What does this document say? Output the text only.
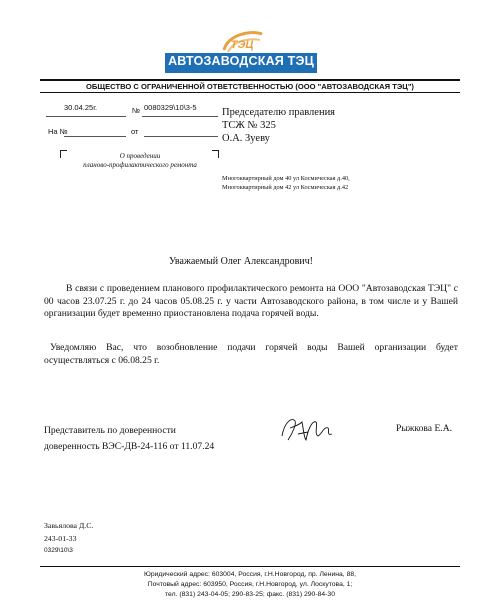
ТЭЦ
АВТОЗАВОДСКАЯ ТЭЦ
ОБЩЕСТВО С ОГРАНИЧЕННОЙ ОТВЕТСТВЕННОСТЬЮ (ООО "АВТОЗАВОДСКАЯ ТЭЦ")
30.04.25г.	№ 0080329\10\3-5
На №	от
О проведении
планово-профилактического ремонта
Председателю правления
ТСЖ № 325
О.А. Зуеву
Многоквартирный дом 40 ул Космическая д.40,
Многоквартирный дом 42 ул Космическая д.42
Уважаемый Олег Александрович!
В связи с проведением планового профилактического ремонта на ООО "Автозаводская ТЭЦ" с 00 часов 23.07.25 г. до 24 часов 05.08.25 г. у части Автозаводского района, в том числе и у Вашей организации будет временно приостановлена подача горячей воды.
Уведомляю Вас, что возобновление подачи горячей воды Вашей организации будет осуществляться с 06.08.25 г.
Представитель по доверенности
доверенность ВЭС-ДВ-24-116 от 11.07.24
Рыжкова Е.А.
Завьялова Д.С.
243-01-33
0329\10\3
Юридический адрес: 603004, Россия, г.Н.Новгород, пр. Ленина, 88,
Почтовый адрес: 603950, Россия, г.Н.Новгород, ул. Лоскутова, 1;
тел. (831) 243-04-05; 290-83-25; факс. (831) 290-84-30
